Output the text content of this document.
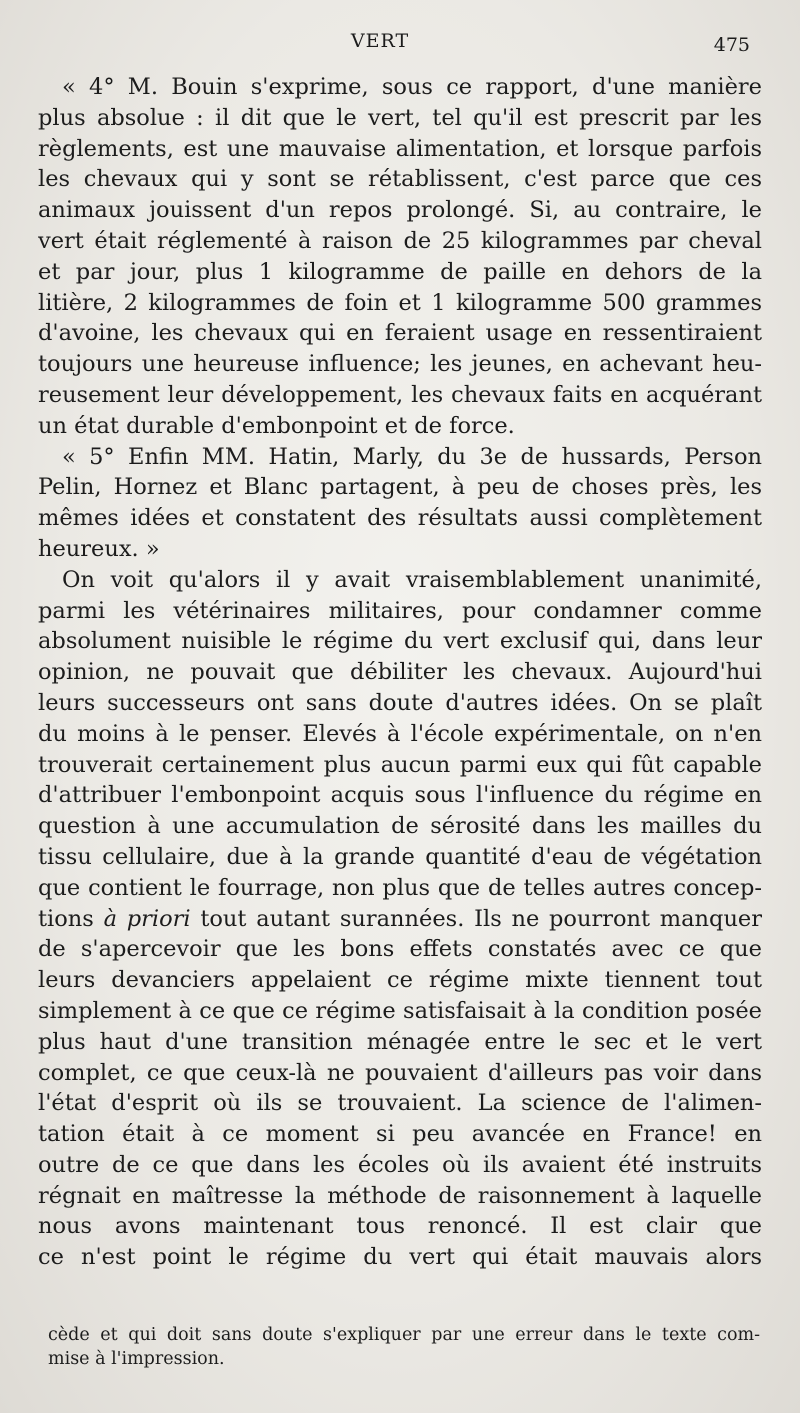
VERT	475
« 4° M. Bouin s'exprime, sous ce rapport, d'une manière
plus absolue : il dit que le vert, tel qu'il est prescrit par les
règlements, est une mauvaise alimentation, et lorsque parfois
les chevaux qui y sont se rétablissent, c'est parce que ces
animaux jouissent d'un repos prolongé. Si, au contraire, le
vert était réglementé à raison de 25 kilogrammes par cheval
et par jour, plus 1 kilogramme de paille en dehors de la
litière, 2 kilogrammes de foin et 1 kilogramme 500 grammes
d'avoine, les chevaux qui en feraient usage en ressentiraient
toujours une heureuse influence; les jeunes, en achevant heu-
reusement leur développement, les chevaux faits en acquérant
un état durable d'embonpoint et de force.
« 5° Enfin MM. Hatin, Marly, du 3e de hussards, Person
Pelin, Hornez et Blanc partagent, à peu de choses près, les
mêmes idées et constatent des résultats aussi complètement
heureux. »
On voit qu'alors il y avait vraisemblablement unanimité,
parmi les vétérinaires militaires, pour condamner comme
absolument nuisible le régime du vert exclusif qui, dans leur
opinion, ne pouvait que débiliter les chevaux. Aujourd'hui
leurs successeurs ont sans doute d'autres idées. On se plaît
du moins à le penser. Elevés à l'école expérimentale, on n'en
trouverait certainement plus aucun parmi eux qui fût capable
d'attribuer l'embonpoint acquis sous l'influence du régime en
question à une accumulation de sérosité dans les mailles du
tissu cellulaire, due à la grande quantité d'eau de végétation
que contient le fourrage, non plus que de telles autres concep-
tions à priori tout autant surannées. Ils ne pourront manquer
de s'apercevoir que les bons effets constatés avec ce que
leurs devanciers appelaient ce régime mixte tiennent tout
simplement à ce que ce régime satisfaisait à la condition posée
plus haut d'une transition ménagée entre le sec et le vert
complet, ce que ceux-là ne pouvaient d'ailleurs pas voir dans
l'état d'esprit où ils se trouvaient. La science de l'alimen-
tation était à ce moment si peu avancée en France! en
outre de ce que dans les écoles où ils avaient été instruits
régnait en maîtresse la méthode de raisonnement à laquelle
nous avons maintenant tous renoncé. Il est clair que
ce n'est point le régime du vert qui était mauvais alors
cède et qui doit sans doute s'expliquer par une erreur dans le texte com-
mise à l'impression.
